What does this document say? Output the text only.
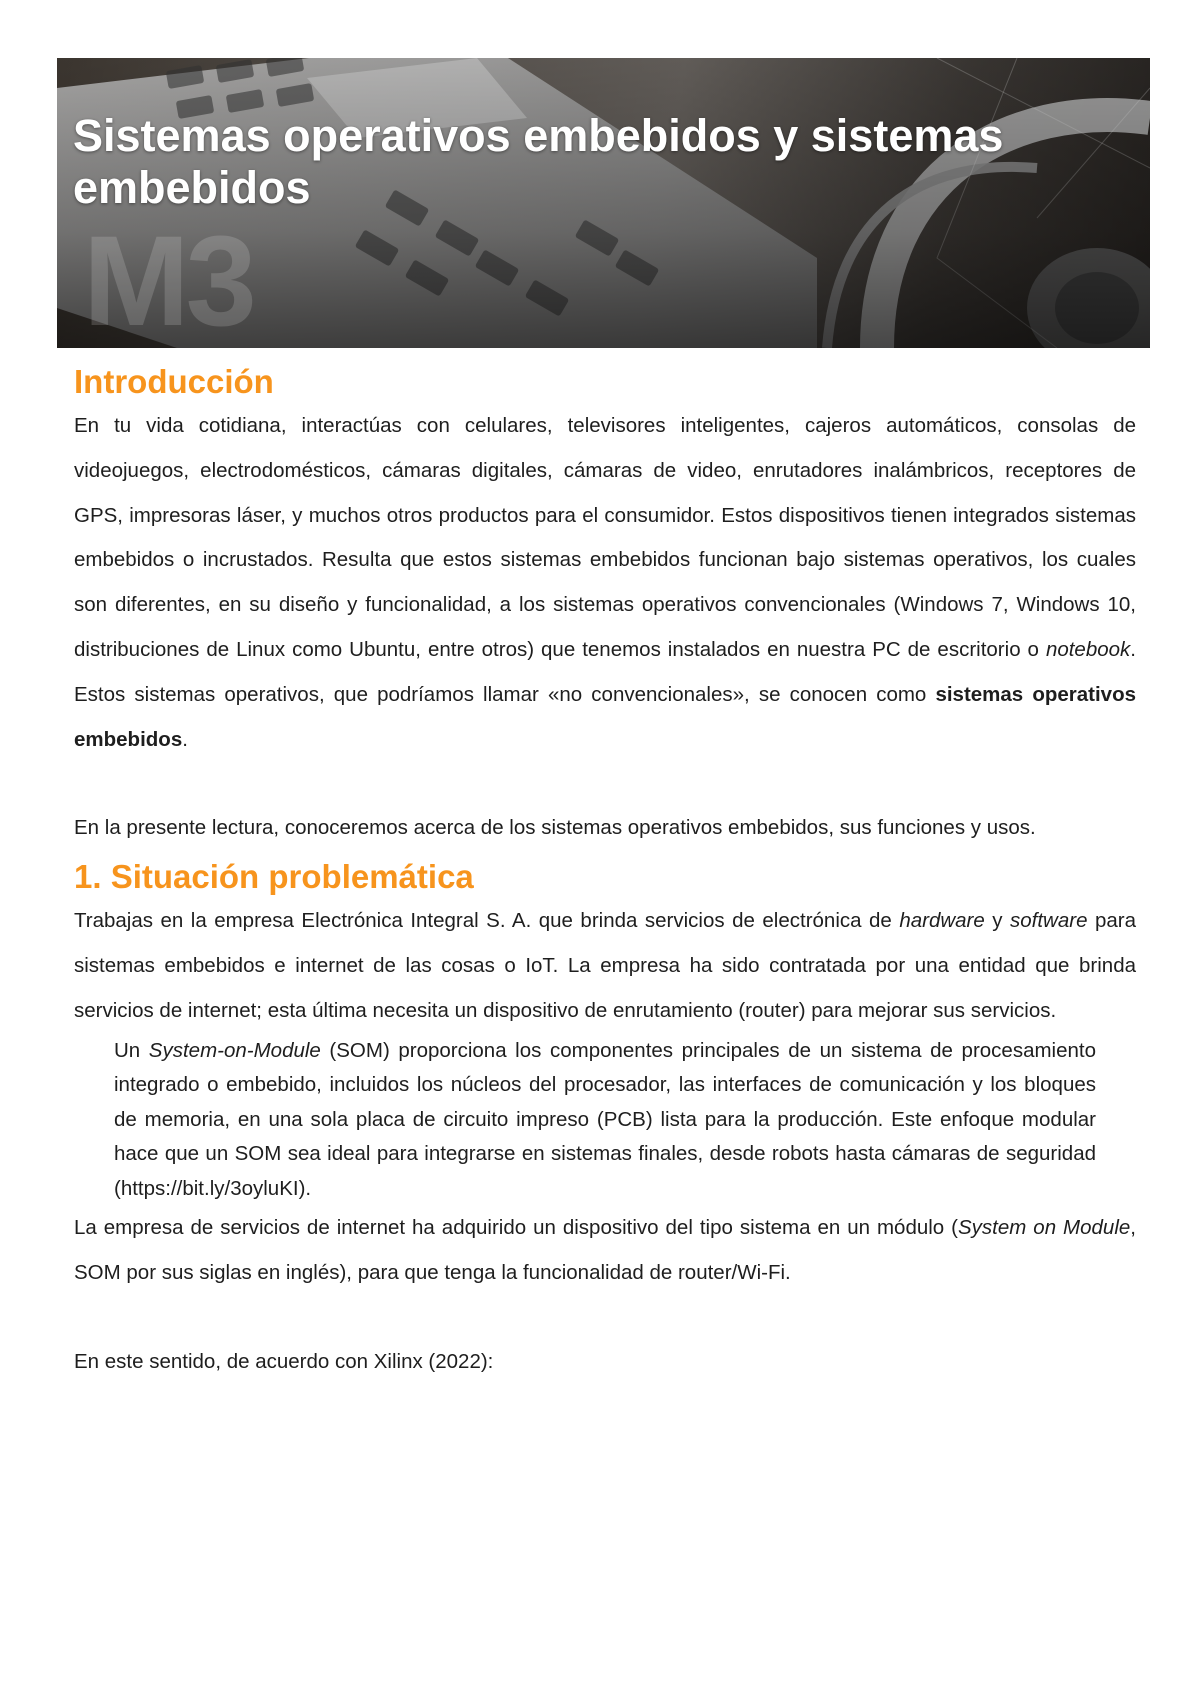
Sistemas operativos embebidos y sistemas embebidos
M3
Introducción

En tu vida cotidiana, interactúas con celulares, televisores inteligentes, cajeros automáticos, consolas de videojuegos, electrodomésticos, cámaras digitales, cámaras de video, enrutadores inalámbricos, receptores de GPS, impresoras láser, y muchos otros productos para el consumidor. Estos dispositivos tienen integrados sistemas embebidos o incrustados. Resulta que estos sistemas embebidos funcionan bajo sistemas operativos, los cuales son diferentes, en su diseño y funcionalidad, a los sistemas operativos convencionales (Windows 7, Windows 10, distribuciones de Linux como Ubuntu, entre otros) que tenemos instalados en nuestra PC de escritorio o notebook. Estos sistemas operativos, que podríamos llamar «no convencionales», se conocen como sistemas operativos embebidos.

En la presente lectura, conoceremos acerca de los sistemas operativos embebidos, sus funciones y usos.

1. Situación problemática

Trabajas en la empresa Electrónica Integral S. A. que brinda servicios de electrónica de hardware y software para sistemas embebidos e internet de las cosas o IoT. La empresa ha sido contratada por una entidad que brinda servicios de internet; esta última necesita un dispositivo de enrutamiento (router) para mejorar sus servicios.

Un System-on-Module (SOM) proporciona los componentes principales de un sistema de procesamiento integrado o embebido, incluidos los núcleos del procesador, las interfaces de comunicación y los bloques de memoria, en una sola placa de circuito impreso (PCB) lista para la producción. Este enfoque modular hace que un SOM sea ideal para integrarse en sistemas finales, desde robots hasta cámaras de seguridad (https://bit.ly/3oyluKI).

La empresa de servicios de internet ha adquirido un dispositivo del tipo sistema en un módulo (System on Module, SOM por sus siglas en inglés), para que tenga la funcionalidad de router/Wi-Fi.

En este sentido, de acuerdo con Xilinx (2022):
